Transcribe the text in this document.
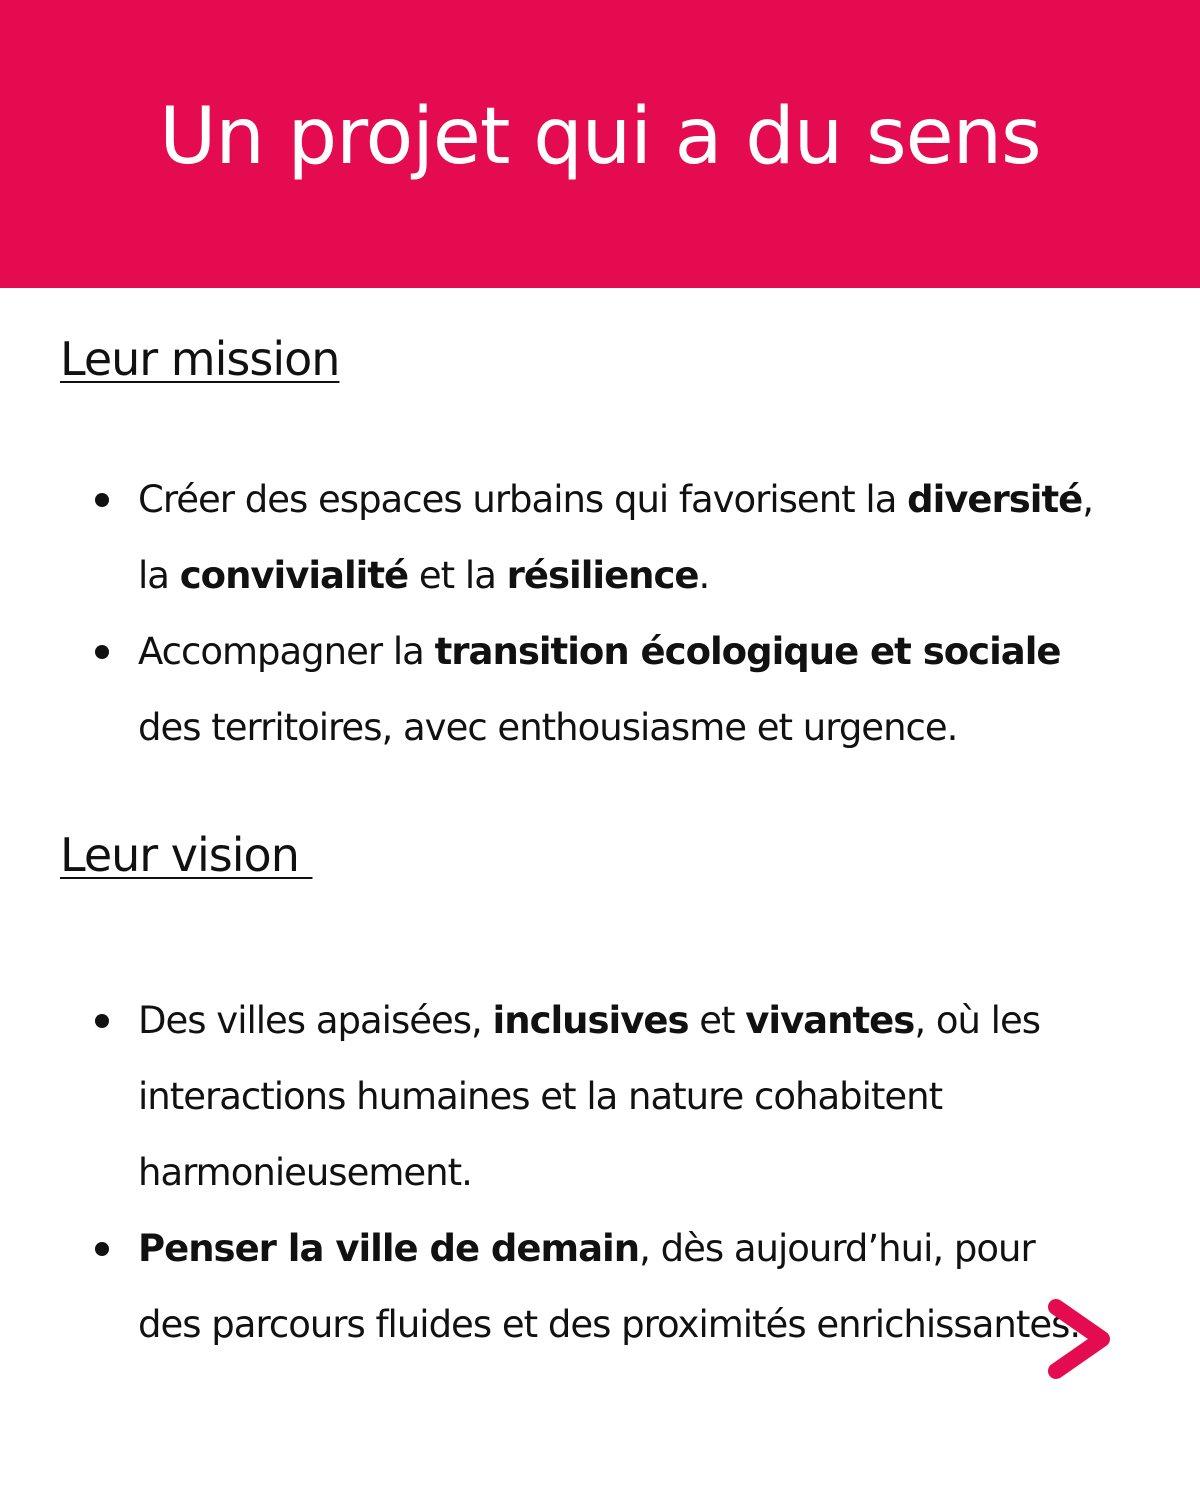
Un projet qui a du sens
Leur mission
Créer des espaces urbains qui favorisent la diversité, la convivialité et la résilience.
Accompagner la transition écologique et sociale des territoires, avec enthousiasme et urgence.
Leur vision
Des villes apaisées, inclusives et vivantes, où les interactions humaines et la nature cohabitent harmonieusement.
Penser la ville de demain, dès aujourd’hui, pour des parcours fluides et des proximités enrichissantes.
